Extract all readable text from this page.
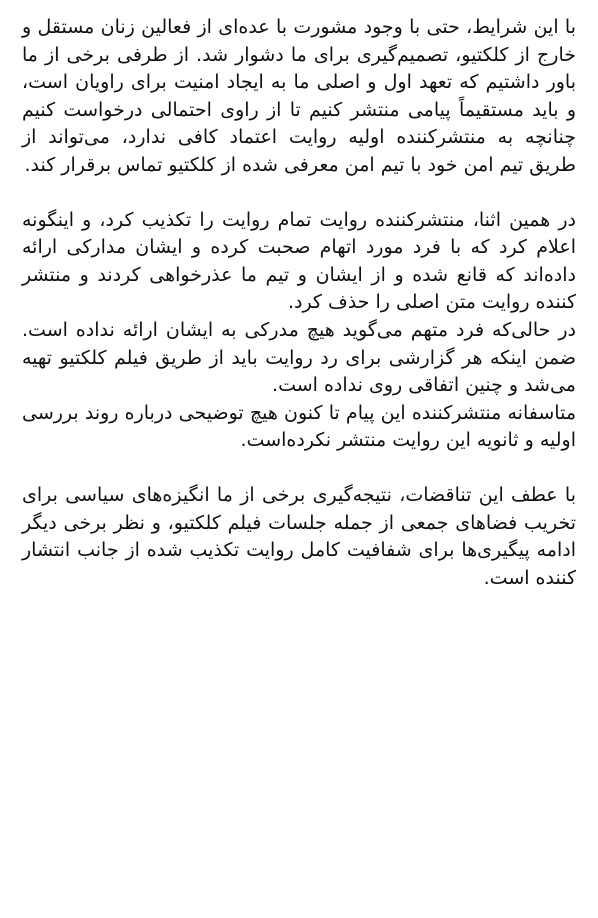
با این شرایط، حتی با وجود مشورت با عده‌ای از فعالین زنان مستقل و خارج از کلکتیو، تصمیم‌گیری برای ما دشوار شد. از طرفی برخی از ما باور داشتیم که تعهد اول و اصلی ما به ایجاد امنیت برای راویان است، و باید مستقیماً پیامی منتشر کنیم تا از راوی احتمالی درخواست کنیم چنانچه به منتشرکننده اولیه روایت اعتماد کافی ندارد، می‌تواند از طریق تیم امن خود با تیم امن معرفی شده از کلکتیو تماس برقرار کند.

در همین اثنا، منتشرکننده روایت تمام روایت را تکذیب کرد، و اینگونه اعلام کرد که با فرد مورد اتهام صحبت کرده و ایشان مدارکی ارائه داده‌اند که قانع شده و از ایشان و تیم ما عذرخواهی کردند و منتشر کننده روایت متن اصلی را حذف کرد.

در حالی‌که فرد متهم می‌گوید هیچ مدرکی به ایشان ارائه نداده است. ضمن اینکه هر گزارشی برای رد روایت باید از طریق فیلم کلکتیو تهیه می‌شد و چنین اتفاقی روی نداده است.

متاسفانه منتشرکننده این پیام تا کنون هیچ توضیحی درباره روند بررسی اولیه و ثانویه این روایت منتشر نکرده‌است.

با عطف این تناقضات، نتیجه‌گیری برخی از ما انگیزه‌های سیاسی برای تخریب فضاهای جمعی از جمله جلسات فیلم کلکتیو، و نظر برخی دیگر ادامه پیگیری‌ها برای شفافیت کامل روایت تکذیب شده از جانب انتشار کننده است.
